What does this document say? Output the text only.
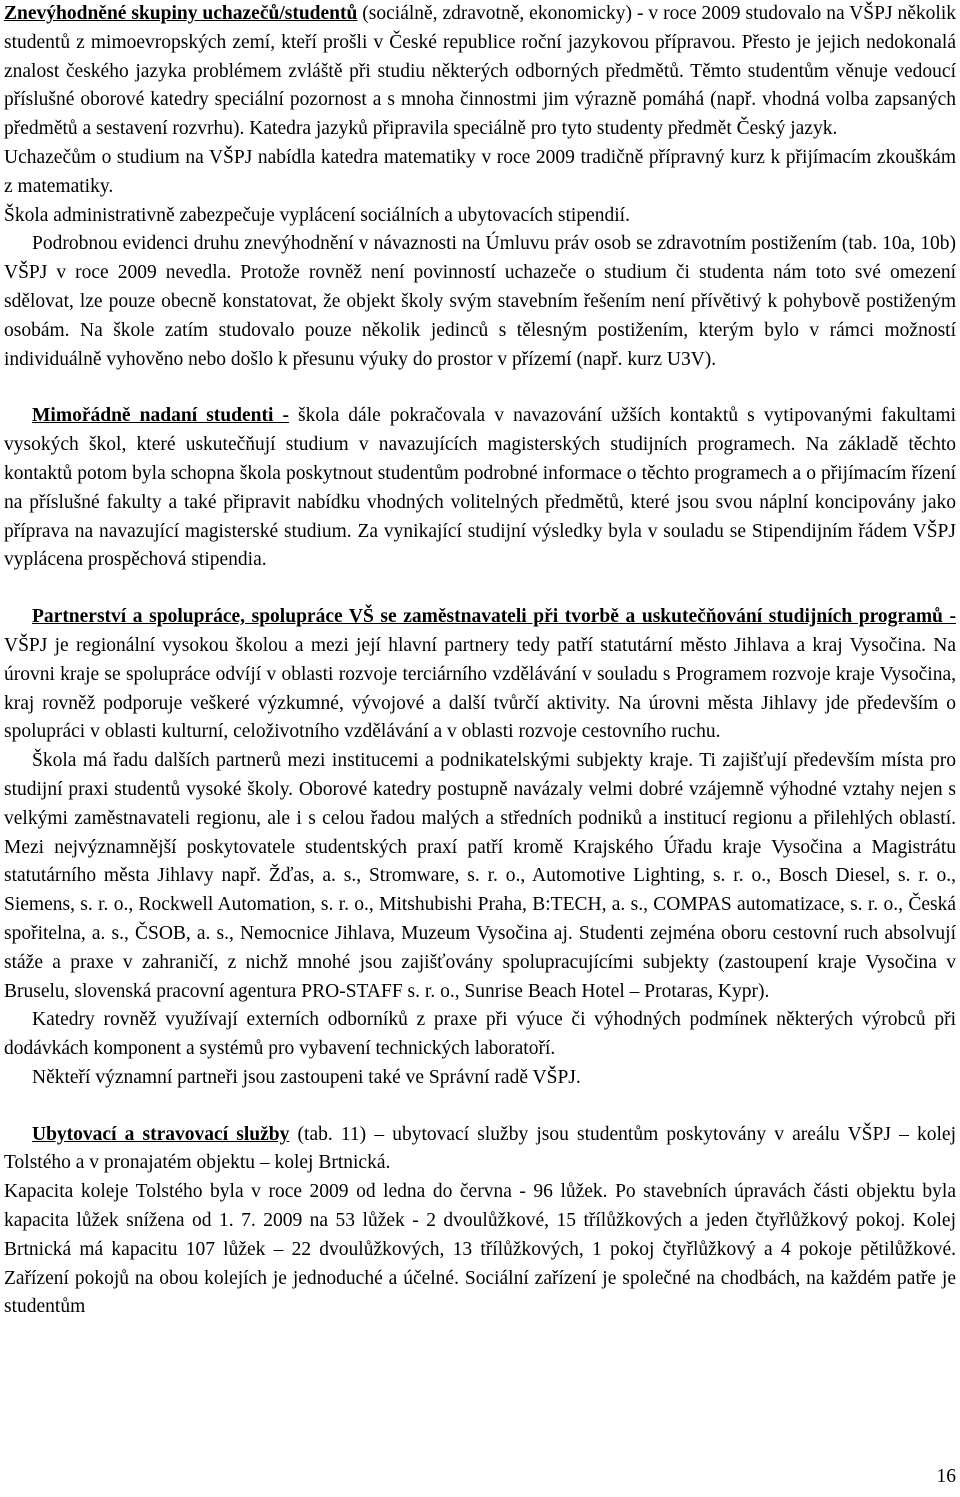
Znevýhodněné skupiny uchazečů/studentů (sociálně, zdravotně, ekonomicky) - v roce 2009 studovalo na VŠPJ několik studentů z mimoevropských zemí, kteří prošli v České republice roční jazykovou přípravou. Přesto je jejich nedokonalá znalost českého jazyka problémem zvláště při studiu některých odborných předmětů. Těmto studentům věnuje vedoucí příslušné oborové katedry speciální pozornost a s mnoha činnostmi jim výrazně pomáhá (např. vhodná volba zapsaných předmětů a sestavení rozvrhu). Katedra jazyků připravila speciálně pro tyto studenty předmět Český jazyk.

Uchazečům o studium na VŠPJ nabídla katedra matematiky v roce 2009 tradičně přípravný kurz k přijímacím zkouškám z matematiky.

Škola administrativně zabezpečuje vyplácení sociálních a ubytovacích stipendií.

Podrobnou evidenci druhu znevýhodnění v návaznosti na Úmluvu práv osob se zdravotním postižením (tab. 10a, 10b) VŠPJ v roce 2009 nevedla. Protože rovněž není povinností uchazeče o studium či studenta nám toto své omezení sdělovat, lze pouze obecně konstatovat, že objekt školy svým stavebním řešením není přívětivý k pohybově postiženým osobám. Na škole zatím studovalo pouze několik jedinců s tělesným postižením, kterým bylo v rámci možností individuálně vyhověno nebo došlo k přesunu výuky do prostor v přízemí (např. kurz U3V).

Mimořádně nadaní studenti - škola dále pokračovala v navazování užších kontaktů s vytipovanými fakultami vysokých škol, které uskutečňují studium v navazujících magisterských studijních programech. Na základě těchto kontaktů potom byla schopna škola poskytnout studentům podrobné informace o těchto programech a o přijímacím řízení na příslušné fakulty a také připravit nabídku vhodných volitelných předmětů, které jsou svou náplní koncipovány jako příprava na navazující magisterské studium. Za vynikající studijní výsledky byla v souladu se Stipendijním řádem VŠPJ vyplácena prospěchová stipendia.

Partnerství a spolupráce, spolupráce VŠ se zaměstnavateli při tvorbě a uskutečňování studijních programů - VŠPJ je regionální vysokou školou a mezi její hlavní partnery tedy patří statutární město Jihlava a kraj Vysočina. Na úrovni kraje se spolupráce odvíjí v oblasti rozvoje terciárního vzdělávání v souladu s Programem rozvoje kraje Vysočina, kraj rovněž podporuje veškeré výzkumné, vývojové a další tvůrčí aktivity. Na úrovni města Jihlavy jde především o spolupráci v oblasti kulturní, celoživotního vzdělávání a v oblasti rozvoje cestovního ruchu.

Škola má řadu dalších partnerů mezi institucemi a podnikatelskými subjekty kraje. Ti zajišťují především místa pro studijní praxi studentů vysoké školy. Oborové katedry postupně navázaly velmi dobré vzájemně výhodné vztahy nejen s velkými zaměstnavateli regionu, ale i s celou řadou malých a středních podniků a institucí regionu a přilehlých oblastí. Mezi nejvýznamnější poskytovatele studentských praxí patří kromě Krajského Úřadu kraje Vysočina a Magistrátu statutárního města Jihlavy např. Žďas, a. s., Stromware, s. r. o., Automotive Lighting, s. r. o., Bosch Diesel, s. r. o., Siemens, s. r. o., Rockwell Automation, s. r. o., Mitshubishi Praha, B:TECH, a. s., COMPAS automatizace, s. r. o., Česká spořitelna, a. s., ČSOB, a. s., Nemocnice Jihlava, Muzeum Vysočina aj. Studenti zejména oboru cestovní ruch absolvují stáže a praxe v zahraničí, z nichž mnohé jsou zajišťovány spolupracujícími subjekty (zastoupení kraje Vysočina v Bruselu, slovenská pracovní agentura PRO-STAFF s. r. o., Sunrise Beach Hotel – Protaras, Kypr).

Katedry rovněž využívají externích odborníků z praxe při výuce či výhodných podmínek některých výrobců při dodávkách komponent a systémů pro vybavení technických laboratoří.

Někteří významní partneři jsou zastoupeni také ve Správní radě VŠPJ.

Ubytovací a stravovací služby (tab. 11) – ubytovací služby jsou studentům poskytovány v areálu VŠPJ – kolej Tolstého a v pronajatém objektu – kolej Brtnická.

Kapacita koleje Tolstého byla v roce 2009 od ledna do června - 96 lůžek. Po stavebních úpravách části objektu byla kapacita lůžek snížena od 1. 7. 2009 na 53 lůžek - 2 dvoulůžkové, 15 třílůžkových a jeden čtyřlůžkový pokoj. Kolej Brtnická má kapacitu 107 lůžek – 22 dvoulůžkových, 13 třílůžkových, 1 pokoj čtyřlůžkový a 4 pokoje pětilůžkové. Zařízení pokojů na obou kolejích je jednoduché a účelné. Sociální zařízení je společné na chodbách, na každém patře je studentům

16
